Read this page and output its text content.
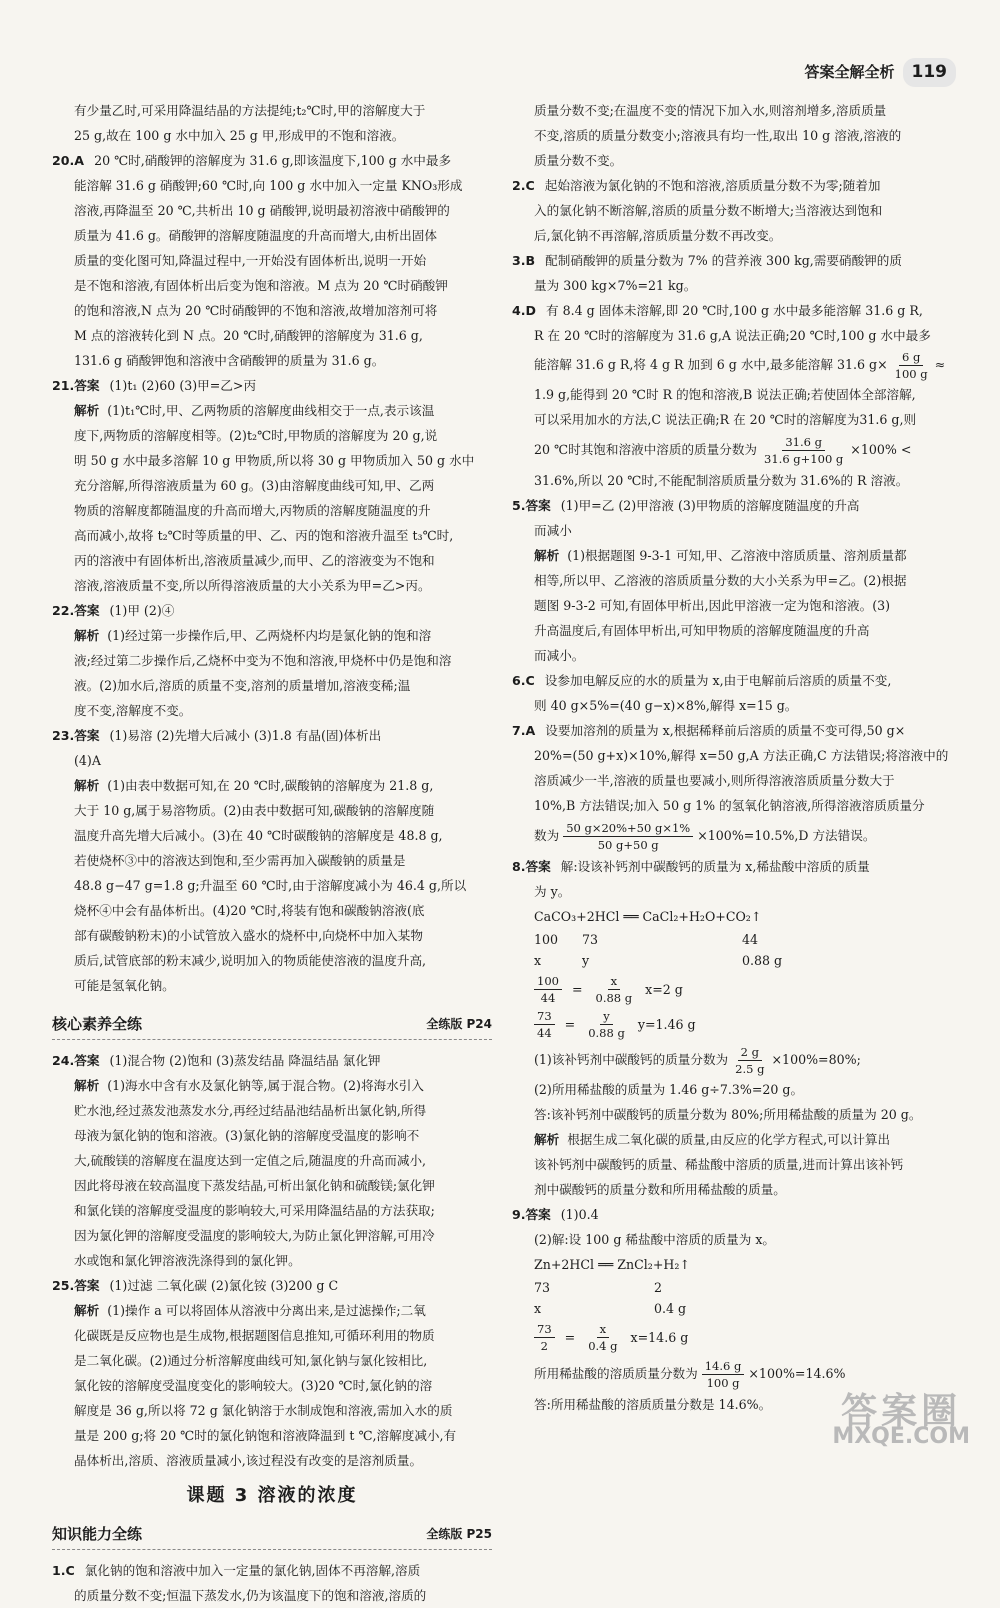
答案全解全析	119

有少量乙时,可采用降温结晶的方法提纯;t₂℃时,甲的溶解度大于

25 g,故在 100 g 水中加入 25 g 甲,形成甲的不饱和溶液。

20.A 20 ℃时,硝酸钾的溶解度为 31.6 g,即该温度下,100 g 水中最多

能溶解 31.6 g 硝酸钾;60 ℃时,向 100 g 水中加入一定量 KNO₃形成

溶液,再降温至 20 ℃,共析出 10 g 硝酸钾,说明最初溶液中硝酸钾的

质量为 41.6 g。硝酸钾的溶解度随温度的升高而增大,由析出固体

质量的变化图可知,降温过程中,一开始没有固体析出,说明一开始

是不饱和溶液,有固体析出后变为饱和溶液。M 点为 20 ℃时硝酸钾

的饱和溶液,N 点为 20 ℃时硝酸钾的不饱和溶液,故增加溶剂可将

M 点的溶液转化到 N 点。20 ℃时,硝酸钾的溶解度为 31.6 g,

131.6 g 硝酸钾饱和溶液中含硝酸钾的质量为 31.6 g。

21.答案 (1)t₁ (2)60 (3)甲=乙>丙

解析 (1)t₁℃时,甲、乙两物质的溶解度曲线相交于一点,表示该温

度下,两物质的溶解度相等。(2)t₂℃时,甲物质的溶解度为 20 g,说

明 50 g 水中最多溶解 10 g 甲物质,所以将 30 g 甲物质加入 50 g 水中

充分溶解,所得溶液质量为 60 g。(3)由溶解度曲线可知,甲、乙两

物质的溶解度都随温度的升高而增大,丙物质的溶解度随温度的升

高而减小,故将 t₂℃时等质量的甲、乙、丙的饱和溶液升温至 t₃℃时,

丙的溶液中有固体析出,溶液质量减少,而甲、乙的溶液变为不饱和

溶液,溶液质量不变,所以所得溶液质量的大小关系为甲=乙>丙。

22.答案 (1)甲 (2)④

解析 (1)经过第一步操作后,甲、乙两烧杯内均是氯化钠的饱和溶

液;经过第二步操作后,乙烧杯中变为不饱和溶液,甲烧杯中仍是饱和溶

液。(2)加水后,溶质的质量不变,溶剂的质量增加,溶液变稀;温

度不变,溶解度不变。

23.答案 (1)易溶 (2)先增大后减小 (3)1.8 有晶(固)体析出

(4)A

解析 (1)由表中数据可知,在 20 ℃时,碳酸钠的溶解度为 21.8 g,

大于 10 g,属于易溶物质。(2)由表中数据可知,碳酸钠的溶解度随

温度升高先增大后减小。(3)在 40 ℃时碳酸钠的溶解度是 48.8 g,

若使烧杯③中的溶液达到饱和,至少需再加入碳酸钠的质量是

48.8 g−47 g=1.8 g;升温至 60 ℃时,由于溶解度减小为 46.4 g,所以

烧杯④中会有晶体析出。(4)20 ℃时,将装有饱和碳酸钠溶液(底

部有碳酸钠粉末)的小试管放入盛水的烧杯中,向烧杯中加入某物

质后,试管底部的粉末减少,说明加入的物质能使溶液的温度升高,

可能是氢氧化钠。

核心素养全练	全练版 P24

24.答案 (1)混合物 (2)饱和 (3)蒸发结晶 降温结晶 氯化钾

解析 (1)海水中含有水及氯化钠等,属于混合物。(2)将海水引入

贮水池,经过蒸发池蒸发水分,再经过结晶池结晶析出氯化钠,所得

母液为氯化钠的饱和溶液。(3)氯化钠的溶解度受温度的影响不

大,硫酸镁的溶解度在温度达到一定值之后,随温度的升高而减小,

因此将母液在较高温度下蒸发结晶,可析出氯化钠和硫酸镁;氯化钾

和氯化镁的溶解度受温度的影响较大,可采用降温结晶的方法获取;

因为氯化钾的溶解度受温度的影响较大,为防止氯化钾溶解,可用冷

水或饱和氯化钾溶液洗涤得到的氯化钾。

25.答案 (1)过滤 二氧化碳 (2)氯化铵 (3)200 g C

解析 (1)操作 a 可以将固体从溶液中分离出来,是过滤操作;二氧

化碳既是反应物也是生成物,根据题图信息推知,可循环利用的物质

是二氧化碳。(2)通过分析溶解度曲线可知,氯化钠与氯化铵相比,

氯化铵的溶解度受温度变化的影响较大。(3)20 ℃时,氯化钠的溶

解度是 36 g,所以将 72 g 氯化钠溶于水制成饱和溶液,需加入水的质

量是 200 g;将 20 ℃时的氯化钠饱和溶液降温到 t ℃,溶解度减小,有

晶体析出,溶质、溶液质量减小,该过程没有改变的是溶剂质量。

课题 3 溶液的浓度
知识能力全练	全练版 P25

1.C 氯化钠的饱和溶液中加入一定量的氯化钠,固体不再溶解,溶质

的质量分数不变;恒温下蒸发水,仍为该温度下的饱和溶液,溶质的

质量分数不变;在温度不变的情况下加入水,则溶剂增多,溶质质量

不变,溶质的质量分数变小;溶液具有均一性,取出 10 g 溶液,溶液的

质量分数不变。

2.C 起始溶液为氯化钠的不饱和溶液,溶质质量分数不为零;随着加

入的氯化钠不断溶解,溶质的质量分数不断增大;当溶液达到饱和

后,氯化钠不再溶解,溶质质量分数不再改变。

3.B 配制硝酸钾的质量分数为 7% 的营养液 300 kg,需要硝酸钾的质

量为 300 kg×7%=21 kg。

4.D 有 8.4 g 固体未溶解,即 20 ℃时,100 g 水中最多能溶解 31.6 g R,

R 在 20 ℃时的溶解度为 31.6 g,A 说法正确;20 ℃时,100 g 水中最多

能溶解 31.6 g R,将 4 g R 加到 6 g 水中,最多能溶解 31.6 $g\times \frac{6 g}{100 g}$ ≈

1.9 g,能得到 20 ℃时 R 的饱和溶液,B 说法正确;若使固体全部溶解,

可以采用加水的方法,C 说法正确;R 在 20 ℃时的溶解度为31.6 g,则

20 ℃时其饱和溶液中溶质的质量分数为 $\frac{31.6 g}{31.6 g+100 g} \times 100\%$ <

31.6%,所以 20 ℃时,不能配制溶质质量分数为 31.6%的 R 溶液。

5.答案 (1)甲=乙 (2)甲溶液 (3)甲物质的溶解度随温度的升高

而减小

解析 (1)根据题图 9-3-1 可知,甲、乙溶液中溶质质量、溶剂质量都

相等,所以甲、乙溶液的溶质质量分数的大小关系为甲=乙。(2)根据

题图 9-3-2 可知,有固体甲析出,因此甲溶液一定为饱和溶液。(3)

升高温度后,有固体甲析出,可知甲物质的溶解度随温度的升高

而减小。

6.C 设参加电解反应的水的质量为 x,由于电解前后溶质的质量不变,

则 40 g×5%=(40 g−x)×8%,解得 x=15 g。

7.A 设要加溶剂的质量为 x,根据稀释前后溶质的质量不变可得,50 g×

20%=(50 g+x)×10%,解得 x=50 g,A 方法正确,C 方法错误;将溶液中的

溶质减少一半,溶液的质量也要减小,则所得溶液溶质质量分数大于

10%,B 方法错误;加入 50 g 1% 的氢氧化钠溶液,所得溶液溶质质量分

数为 $\frac{50 g\times 20\%+50 g\times 1\%}{50 g+50 g} \times 100\%=10.5\%,D$ 方法错误。

8.答案 解:设该补钙剂中碳酸钙的质量为 x,稀盐酸中溶质的质量

为 y。

CaCO₃+2HCl ══ CaCl₂+H₂O+CO₂↑

100	73	44
x	y	0.88 g
$\frac{100}{44} = \frac{x}{0.88 g} x=2$ g
$\frac{73}{44} = \frac{y}{0.88 g} y=1.46$ g

(1)该补钙剂中碳酸钙的质量分数为 $\frac{2 g}{2.5 g} \times 100\%=80\%$;

(2)所用稀盐酸的质量为 1.46 g÷7.3%=20 g。

答:该补钙剂中碳酸钙的质量分数为 80%;所用稀盐酸的质量为 20 g。

解析 根据生成二氧化碳的质量,由反应的化学方程式,可以计算出

该补钙剂中碳酸钙的质量、稀盐酸中溶质的质量,进而计算出该补钙

剂中碳酸钙的质量分数和所用稀盐酸的质量。

9.答案 (1)0.4

(2)解:设 100 g 稀盐酸中溶质的质量为 x。

Zn+2HCl ══ ZnCl₂+H₂↑

73	2
x	0.4 g
$\frac{73}{2} = \frac{x}{0.4 g} x=14.6$ g

所用稀盐酸的溶质质量分数为 $\frac{14.6 g}{100 g} \times 100\%=14.6\%$

答:所用稀盐酸的溶质质量分数是 14.6%。	答案圈
MXQE.COM
